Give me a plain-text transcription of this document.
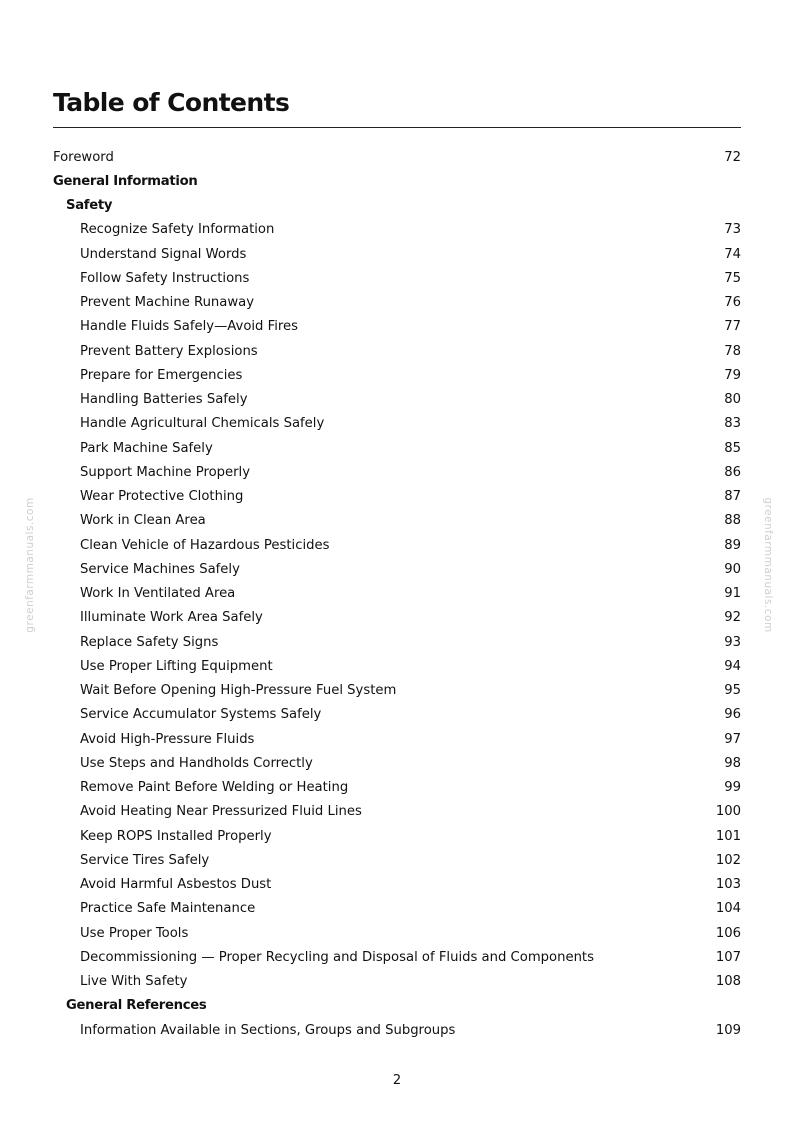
Table of Contents
Foreword	72
General Information
Safety
Recognize Safety Information	73
Understand Signal Words	74
Follow Safety Instructions	75
Prevent Machine Runaway	76
Handle Fluids Safely—Avoid Fires	77
Prevent Battery Explosions	78
Prepare for Emergencies	79
Handling Batteries Safely	80
Handle Agricultural Chemicals Safely	83
Park Machine Safely	85
Support Machine Properly	86
Wear Protective Clothing	87
Work in Clean Area	88
Clean Vehicle of Hazardous Pesticides	89
Service Machines Safely	90
Work In Ventilated Area	91
Illuminate Work Area Safely	92
Replace Safety Signs	93
Use Proper Lifting Equipment	94
Wait Before Opening High-Pressure Fuel System	95
Service Accumulator Systems Safely	96
Avoid High-Pressure Fluids	97
Use Steps and Handholds Correctly	98
Remove Paint Before Welding or Heating	99
Avoid Heating Near Pressurized Fluid Lines	100
Keep ROPS Installed Properly	101
Service Tires Safely	102
Avoid Harmful Asbestos Dust	103
Practice Safe Maintenance	104
Use Proper Tools	106
Decommissioning — Proper Recycling and Disposal of Fluids and Components	107
Live With Safety	108
General References
Information Available in Sections, Groups and Subgroups	109
greenfarmmanuals.com	greenfarmmanuals.com
2
